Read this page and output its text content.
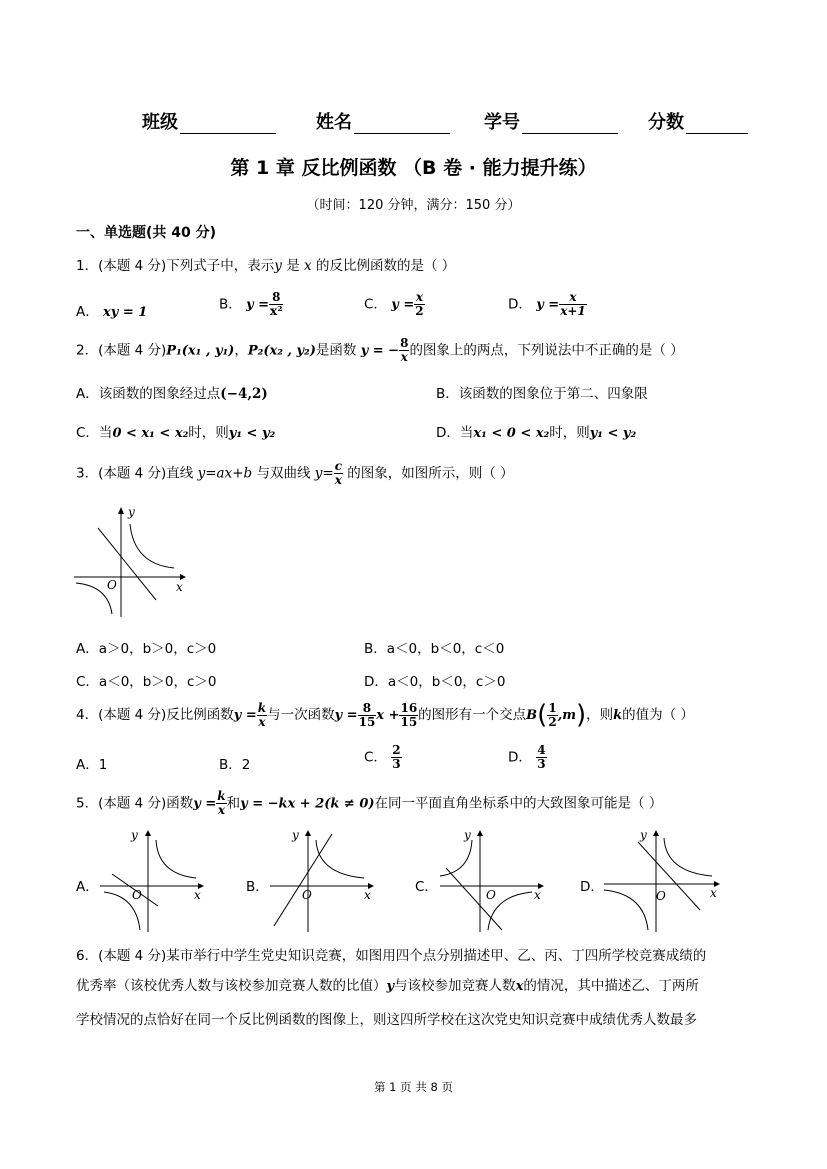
班级	姓名	学号	分数
第 1 章 反比例函数 （B 卷 · 能力提升练）
（时间：120 分钟，满分：150 分）
一、单选题(共 40 分)
1．(本题 4 分)下列式子中，表示y 是 x 的反比例函数的是（ ）
A． xy = 1	B． $y = \frac{8}{\text{x²}}$	C． $y = \frac{x}{2}$	D． $y = \frac{x}{x+1}$
2．(本题 4 分)P₁(x₁ , y₁)，P₂(x₂ , y₂)是函数 y = − $\frac{8}{x}$ 的图象上的两点，下列说法中不正确的是（ ）
A．该函数的图象经过点(−4,2)	B．该函数的图象位于第二、四象限
C．当0 < x₁ < x₂时，则y₁ < y₂	D．当x₁ < 0 < x₂时，则y₁ < y₂
3．(本题 4 分)直线 y=ax+b 与双曲线 $y= \frac{c}{x}$ 的图象，如图所示，则（ ）
y
x
O
A．a＞0，b＞0，c＞0	B．a＜0，b＜0，c＜0
C．a＜0，b＞0，c＞0	D．a＜0，b＜0，c＞0
4．(本题 4 分)反比例函数$y = \frac{k}{x}$ 与一次函数$y = \frac{8}{15}$ $x + \frac{16}{15}$ 的图形有一个交点$B( \frac{1}{2} ,m)$，则k的值为（ ）
A．1	B．2	C． $\frac{2}{3}$	D． $\frac{4}{3}$
5．(本题 4 分)函数$y = \frac{k}{x}$ 和y = −kx + 2(k ≠ 0)在同一平面直角坐标系中的大致图象可能是（ ）
A．	B．	C．	D．
y
x
O
y
x
O
y
x
O
y
x
O
6．(本题 4 分)某市举行中学生党史知识竞赛，如图用四个点分别描述甲、乙、丙、丁四所学校竞赛成绩的
优秀率（该校优秀人数与该校参加竞赛人数的比值）y与该校参加竞赛人数x的情况，其中描述乙、丁两所
学校情况的点恰好在同一个反比例函数的图像上，则这四所学校在这次党史知识竞赛中成绩优秀人数最多
第 1 页 共 8 页
